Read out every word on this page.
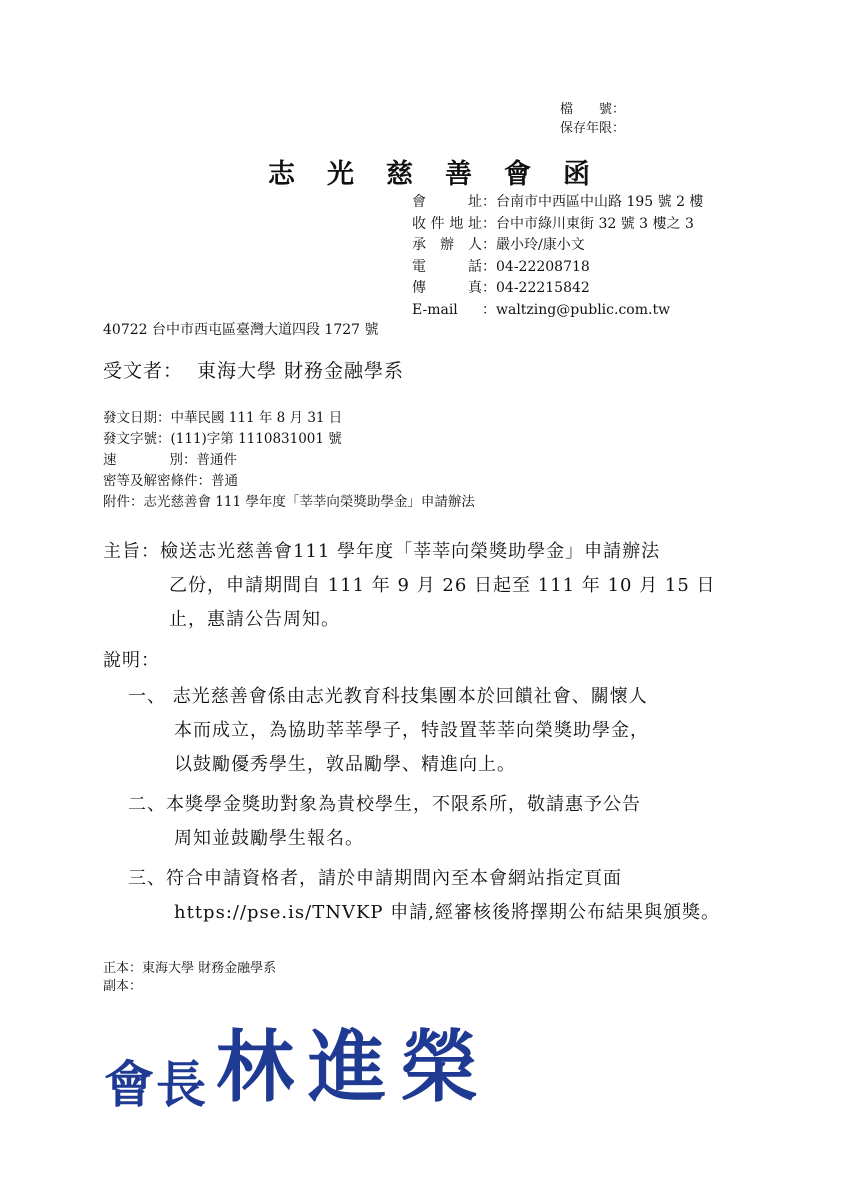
檔　　號：
保存年限：
志光慈善會函
會　址：台南市中西區中山路 195 號 2 樓
收件地址：台中市綠川東街 32 號 3 樓之 3
承 辦 人：嚴小玲/康小文
電　話：04-22208718
傳　真：04-22215842
E-mail ：waltzing@public.com.tw
40722 台中市西屯區臺灣大道四段 1727 號
受文者： 東海大學 財務金融學系
發文日期：中華民國 111 年 8 月 31 日
發文字號：(111)字第 1110831001 號
速　別：普通件
密等及解密條件：普通
附件：志光慈善會 111 學年度「莘莘向榮獎助學金」申請辦法
主旨：檢送志光慈善會111 學年度「莘莘向榮獎助學金」申請辦法
乙份，申請期間自 111 年 9 月 26 日起至 111 年 10 月 15 日
止，惠請公告周知。
說明：
一、 志光慈善會係由志光教育科技集團本於回饋社會、關懷人
本而成立，為協助莘莘學子，特設置莘莘向榮獎助學金，
以鼓勵優秀學生，敦品勵學、精進向上。
二、本獎學金獎助對象為貴校學生，不限系所，敬請惠予公告
周知並鼓勵學生報名。
三、符合申請資格者，請於申請期間內至本會網站指定頁面
https://pse.is/TNVKP 申請,經審核後將擇期公布結果與頒獎。
正本：東海大學 財務金融學系
副本：
會長 林進榮
